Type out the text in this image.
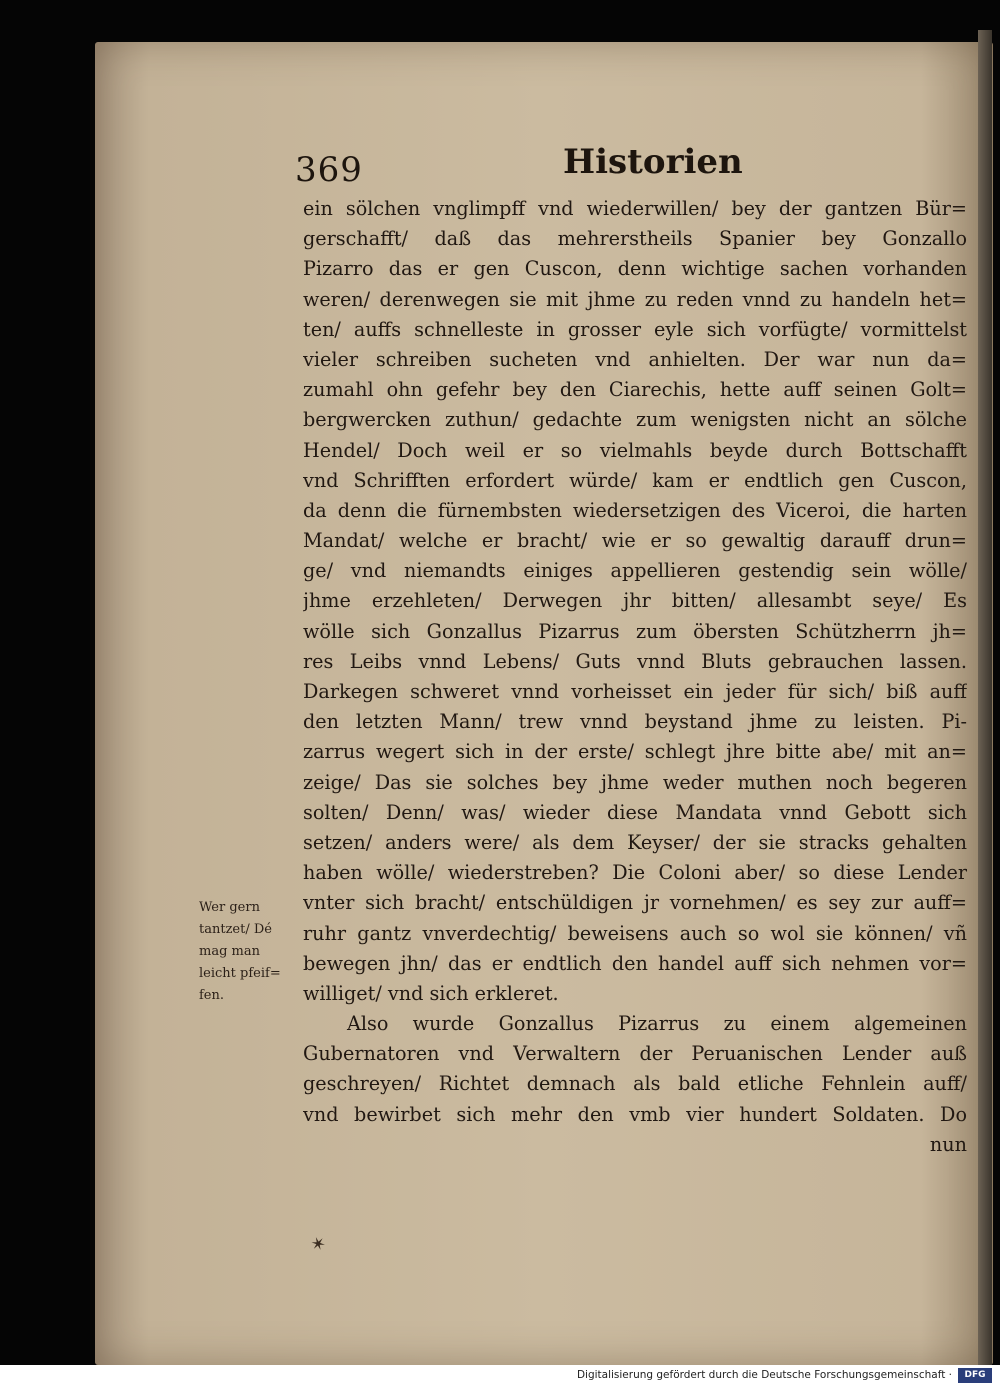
369	Historien
ein sölchen vnglimpff vnd wiederwillen/ bey der gantzen Bür=
gerschafft/ daß das mehrerstheils Spanier bey Gonzallo
Pizarro das er gen Cuscon, denn wichtige sachen vorhanden
weren/ derenwegen sie mit jhme zu reden vnnd zu handeln het=
ten/ auffs schnelleste in grosser eyle sich vorfügte/ vormittelst
vieler schreiben sucheten vnd anhielten. Der war nun da=
zumahl ohn gefehr bey den Ciarechis, hette auff seinen Golt=
bergwercken zuthun/ gedachte zum wenigsten nicht an sölche
Hendel/ Doch weil er so vielmahls beyde durch Bottschafft
vnd Schrifften erfordert würde/ kam er endtlich gen Cuscon,
da denn die fürnembsten wiedersetzigen des Viceroi, die harten
Mandat/ welche er bracht/ wie er so gewaltig darauff drun=
ge/ vnd niemandts einiges appellieren gestendig sein wölle/
jhme erzehleten/ Derwegen jhr bitten/ allesambt seye/ Es
wölle sich Gonzallus Pizarrus zum öbersten Schützherrn jh=
res Leibs vnnd Lebens/ Guts vnnd Bluts gebrauchen lassen.
Darkegen schweret vnnd vorheisset ein jeder für sich/ biß auff
den letzten Mann/ trew vnnd beystand jhme zu leisten. Pi-
zarrus wegert sich in der erste/ schlegt jhre bitte abe/ mit an=
zeige/ Das sie solches bey jhme weder muthen noch begeren
solten/ Denn/ was/ wieder diese Mandata vnnd Gebott sich
setzen/ anders were/ als dem Keyser/ der sie stracks gehalten
haben wölle/ wiederstreben? Die Coloni aber/ so diese Lender
vnter sich bracht/ entschüldigen jr vornehmen/ es sey zur auff=
ruhr gantz vnverdechtig/ beweisens auch so wol sie können/ vñ
bewegen jhn/ das er endtlich den handel auff sich nehmen vor=
williget/ vnd sich erkleret.
Also wurde Gonzallus Pizarrus zu einem algemeinen
Gubernatoren vnd Verwaltern der Peruanischen Lender auß
geschreyen/ Richtet demnach als bald etliche Fehnlein auff/
vnd bewirbet sich mehr den vmb vier hundert Soldaten. Do
nun
Wer gern
tantzet/ Dé
mag man
leicht pfeif=
fen.
✶
Digitalisierung gefördert durch die Deutsche Forschungsgemeinschaft ·	DFG
